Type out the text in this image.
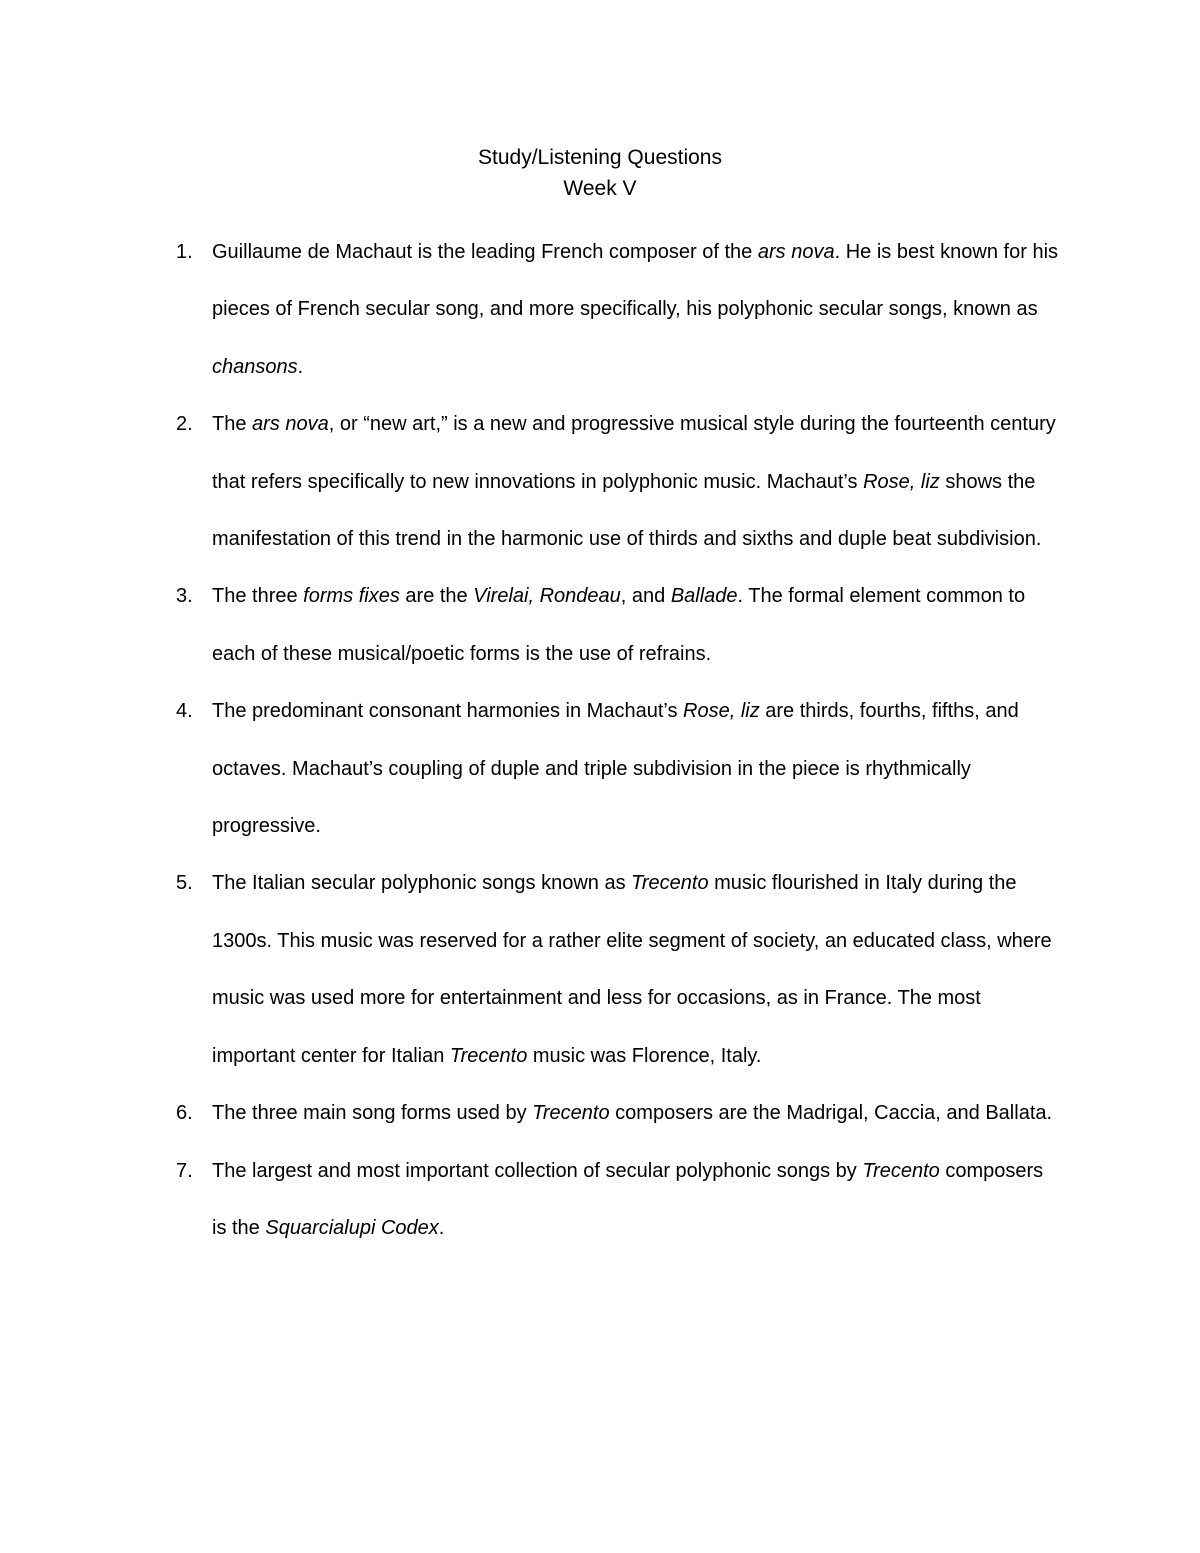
Study/Listening Questions
Week V
1. Guillaume de Machaut is the leading French composer of the ars nova. He is best known for his pieces of French secular song, and more specifically, his polyphonic secular songs, known as chansons.
2. The ars nova, or “new art,” is a new and progressive musical style during the fourteenth century that refers specifically to new innovations in polyphonic music. Machaut’s Rose, liz shows the manifestation of this trend in the harmonic use of thirds and sixths and duple beat subdivision.
3. The three forms fixes are the Virelai, Rondeau, and Ballade. The formal element common to each of these musical/poetic forms is the use of refrains.
4. The predominant consonant harmonies in Machaut’s Rose, liz are thirds, fourths, fifths, and octaves. Machaut’s coupling of duple and triple subdivision in the piece is rhythmically progressive.
5. The Italian secular polyphonic songs known as Trecento music flourished in Italy during the 1300s. This music was reserved for a rather elite segment of society, an educated class, where music was used more for entertainment and less for occasions, as in France. The most important center for Italian Trecento music was Florence, Italy.
6. The three main song forms used by Trecento composers are the Madrigal, Caccia, and Ballata.
7. The largest and most important collection of secular polyphonic songs by Trecento composers is the Squarcialupi Codex.
